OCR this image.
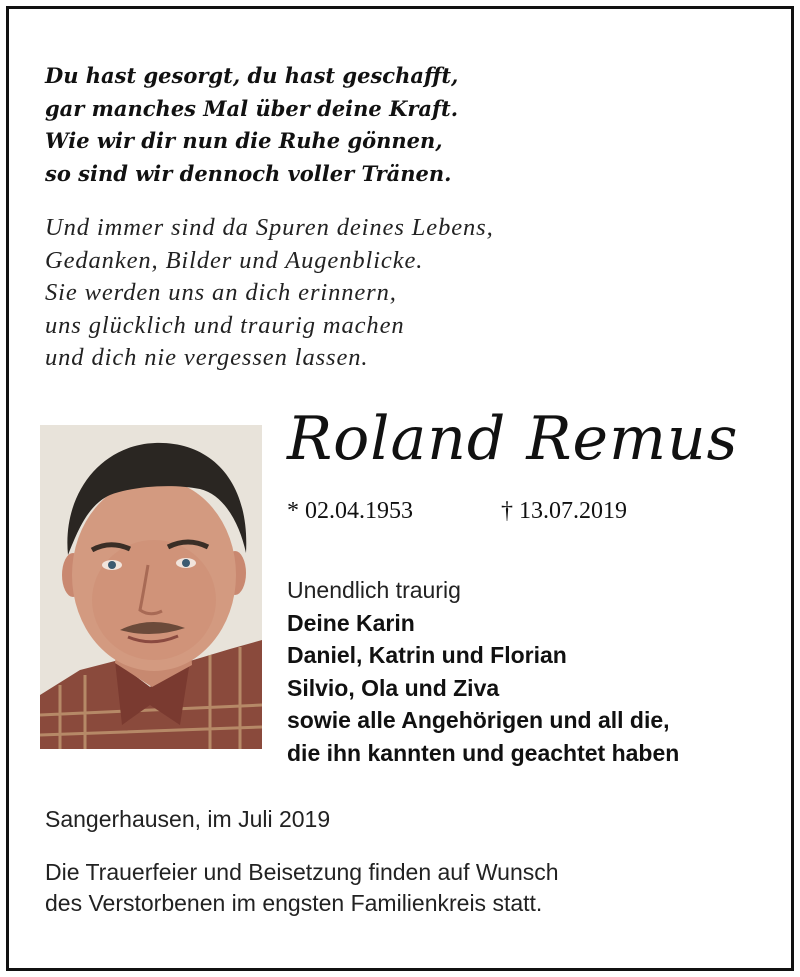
Du hast gesorgt, du hast geschafft,
gar manches Mal über deine Kraft.
Wie wir dir nun die Ruhe gönnen,
so sind wir dennoch voller Tränen.
Und immer sind da Spuren deines Lebens,
Gedanken, Bilder und Augenblicke.
Sie werden uns an dich erinnern,
uns glücklich und traurig machen
und dich nie vergessen lassen.
Roland Remus
* 02.04.1953	† 13.07.2019
Unendlich traurig
Deine Karin
Daniel, Katrin und Florian
Silvio, Ola und Ziva
sowie alle Angehörigen und all die,
die ihn kannten und geachtet haben
Sangerhausen, im Juli 2019
Die Trauerfeier und Beisetzung finden auf Wunsch
des Verstorbenen im engsten Familienkreis statt.
